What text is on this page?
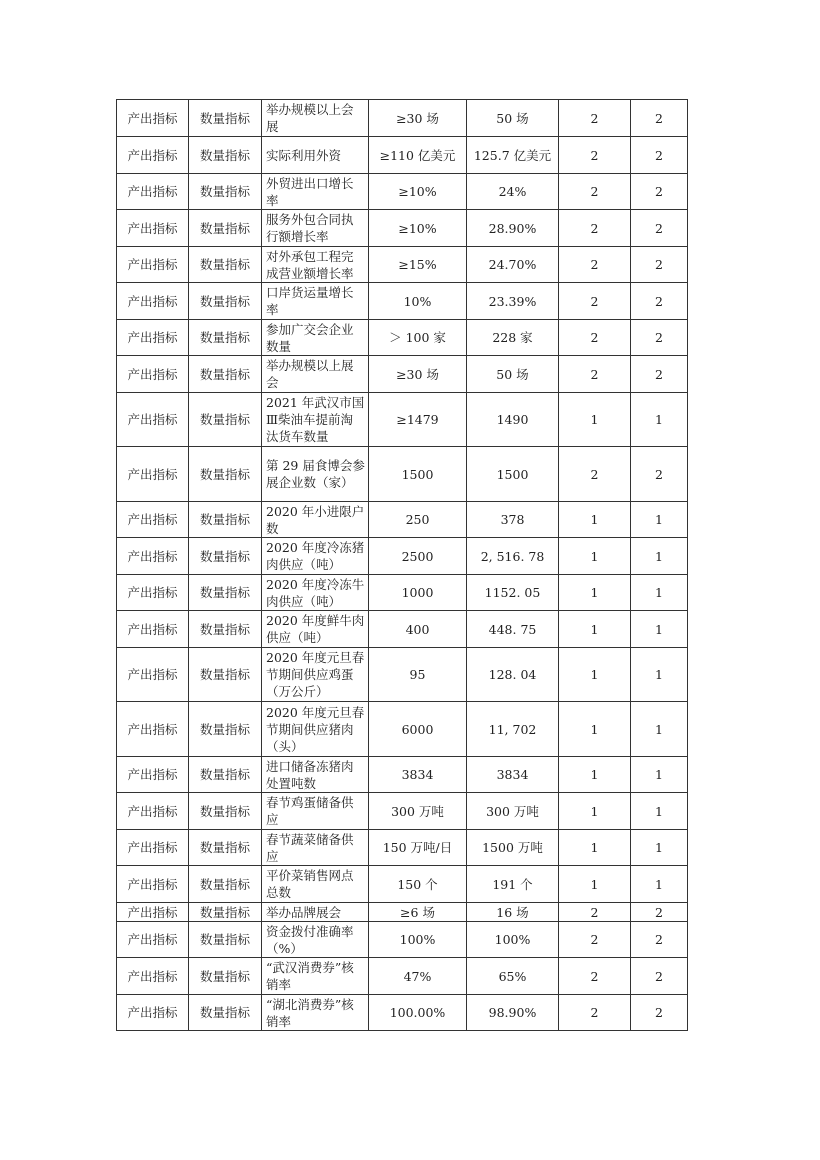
产出指标	数量指标	举办规模以上会展	≥30 场	50 场	2	2
产出指标	数量指标	实际利用外资	≥110 亿美元	125.7 亿美元	2	2
产出指标	数量指标	外贸进出口增长率	≥10%	24%	2	2
产出指标	数量指标	服务外包合同执行额增长率	≥10%	28.90%	2	2
产出指标	数量指标	对外承包工程完成营业额增长率	≥15%	24.70%	2	2
产出指标	数量指标	口岸货运量增长率	10%	23.39%	2	2
产出指标	数量指标	参加广交会企业数量	＞ 100 家	228 家	2	2
产出指标	数量指标	举办规模以上展会	≥30 场	50 场	2	2
产出指标	数量指标	2021 年武汉市国Ⅲ柴油车提前淘汰货车数量	≥1479	1490	1	1
产出指标	数量指标	第 29 届食博会参展企业数（家）	1500	1500	2	2
产出指标	数量指标	2020 年小进限户数	250	378	1	1
产出指标	数量指标	2020 年度冷冻猪肉供应（吨）	2500	2, 516. 78	1	1
产出指标	数量指标	2020 年度冷冻牛肉供应（吨）	1000	1152. 05	1	1
产出指标	数量指标	2020 年度鲜牛肉供应（吨）	400	448. 75	1	1
产出指标	数量指标	2020 年度元旦春节期间供应鸡蛋（万公斤）	95	128. 04	1	1
产出指标	数量指标	2020 年度元旦春节期间供应猪肉（头）	6000	11, 702	1	1
产出指标	数量指标	进口储备冻猪肉处置吨数	3834	3834	1	1
产出指标	数量指标	春节鸡蛋储备供应	300 万吨	300 万吨	1	1
产出指标	数量指标	春节蔬菜储备供应	150 万吨/日	1500 万吨	1	1
产出指标	数量指标	平价菜销售网点总数	150 个	191 个	1	1
产出指标	数量指标	举办品牌展会	≥6 场	16 场	2	2
产出指标	数量指标	资金拨付准确率（%）	100%	100%	2	2
产出指标	数量指标	“武汉消费券”核销率	47%	65%	2	2
产出指标	数量指标	“湖北消费券”核销率	100.00%	98.90%	2	2
